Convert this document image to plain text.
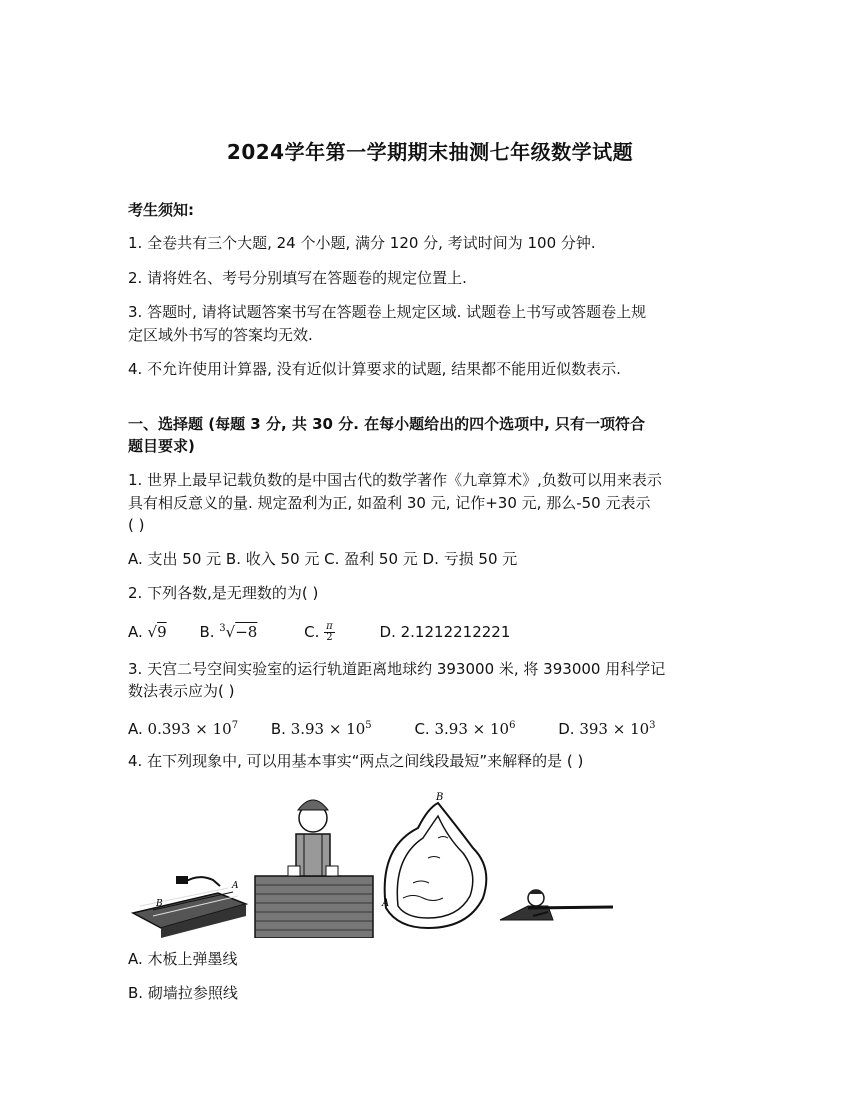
2024学年第一学期期末抽测七年级数学试题
考生须知:
1. 全卷共有三个大题, 24 个小题, 满分 120 分, 考试时间为 100 分钟.
2. 请将姓名、考号分别填写在答题卷的规定位置上.
3. 答题时, 请将试题答案书写在答题卷上规定区域. 试题卷上书写或答题卷上规
定区域外书写的答案均无效.
4. 不允许使用计算器, 没有近似计算要求的试题, 结果都不能用近似数表示.
一、选择题 (每题 3 分, 共 30 分. 在每小题给出的四个选项中, 只有一项符合
题目要求)
1. 世界上最早记载负数的是中国古代的数学著作《九章算术》,负数可以用来表示
具有相反意义的量. 规定盈利为正, 如盈利 30 元, 记作+30 元, 那么-50 元表示
( )
A. 支出 50 元 B. 收入 50 元 C. 盈利 50 元 D. 亏损 50 元
2. 下列各数,是无理数的为( )
A. √9 B. $^3$√−8	C. $\frac{\pi}{2}$	D. 2.1212212221
3. 天宫二号空间实验室的运行轨道距离地球约 393000 米, 将 393000 用科学记
数法表示应为( )
A. $0.393 \times 10^7$ B. $3.93 \times 10^5$	C. $3.93 \times 10^6$	D. $393 \times 10^3$
4. 在下列现象中, 可以用基本事实“两点之间线段最短”来解释的是 ( )
B
A
B
A
A. 木板上弹墨线
B. 砌墙拉参照线
